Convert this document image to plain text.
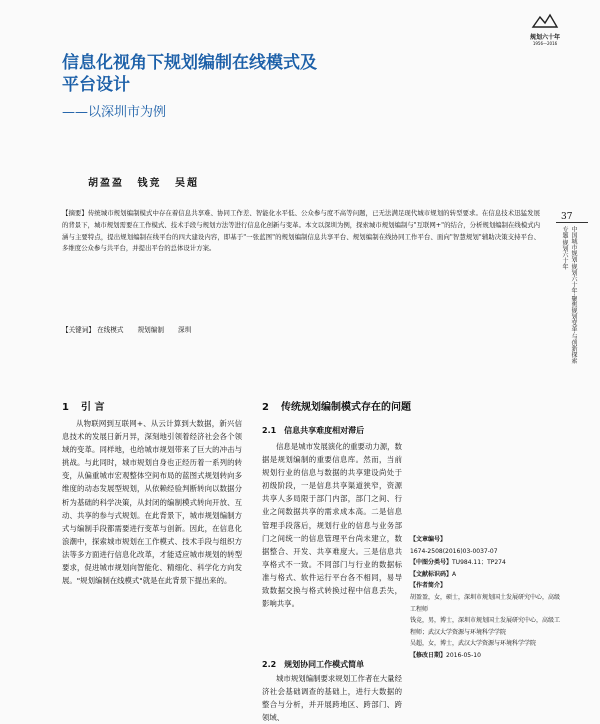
规划六十年
1956—2016
信息化视角下规划编制在线模式及
平台设计
——以深圳市为例
胡盈盈 钱竞 吴超
37
专题·规划六十年 中国城市规划·规划六十年·聚焦规划变革·与创新探索
【摘要】传统城市规划编制模式中存在着信息共享难、协同工作差、智能化水平低、公众参与度不高等问题，已无法满足现代城市规划的转型要求。在信息技术迅猛发展的背景下，城市规划需要在工作模式、技术手段与规划方法等进行信息化创新与变革。本文以深圳为例，探索城市规划编制与"互联网+"的结合，分析规划编制在线模式内涵与主要特点，提出规划编制在线平台的四大建设内容，即基于"一张蓝图"的规划编制信息共享平台、规划编制在线协同工作平台、面向"智慧规划"辅助决策支持平台、多维度公众参与共平台，并提出平台的总体设计方案。
【关键词】 在线模式 规划编制 深圳
1 引 言
从物联网到互联网+、从云计算到大数据，新兴信息技术的发展日新月异，深刻地引领着经济社会各个领域的变革。同样地，也给城市规划带来了巨大的冲击与挑战。与此同时，城市规划自身也正经历着一系列的转变，从偏重城市宏观整体空间布局的蓝图式规划转向多维度的动态发展型规划，从依赖经验判断转向以数据分析为基础的科学决策，从封闭的编制模式转向开放、互动、共享的参与式规划。在此背景下，城市规划编制方式与编制手段都需要进行变革与创新。因此，在信息化浪潮中，探索城市规划在工作模式、技术手段与组织方法等多方面进行信息化改革，才能适应城市规划的转型要求，促进城市规划向智能化、精细化、科学化方向发展。"规划编制在线模式"就是在此背景下提出来的。
2 传统规划编制模式存在的问题
2.1 信息共享难度相对滞后
信息是城市发展演化的重要动力源，数据是规划编制的重要信息库。然而，当前规划行业的信息与数据的共享建设尚处于初级阶段，一是信息共享渠道狭窄，资源共享人多局限于部门内部，部门之间、行业之间数据共享的需求成本高。二是信息管理手段落后，规划行业的信息与业务部门之间统一的信息管理平台尚未建立，数据整合、开发、共享难度大。三是信息共享格式不一致。不同部门与行业的数据标准与格式、软件运行平台各不相同，易导致数据交换与格式转换过程中信息丢失，影响共享。
2.2 规划协同工作模式简单
城市规划编制要求规划工作者在大量经济社会基础调查的基础上，进行大数据的整合与分析，并开展跨地区、跨部门、跨领域、
【文章编号】
1674-2508(2016)03-0037-07
【中图分类号】TU984.11；TP274
【文献标识码】A
【作者简介】
胡盈盈，女，硕士，深圳市规划国土发展研究中心，高级工程师
钱竞，男，博士，深圳市规划国土发展研究中心，高级工程师；武汉大学资源与环境科学学院
吴超，女，博士，武汉大学资源与环境科学学院
【修改日期】2016-05-10
